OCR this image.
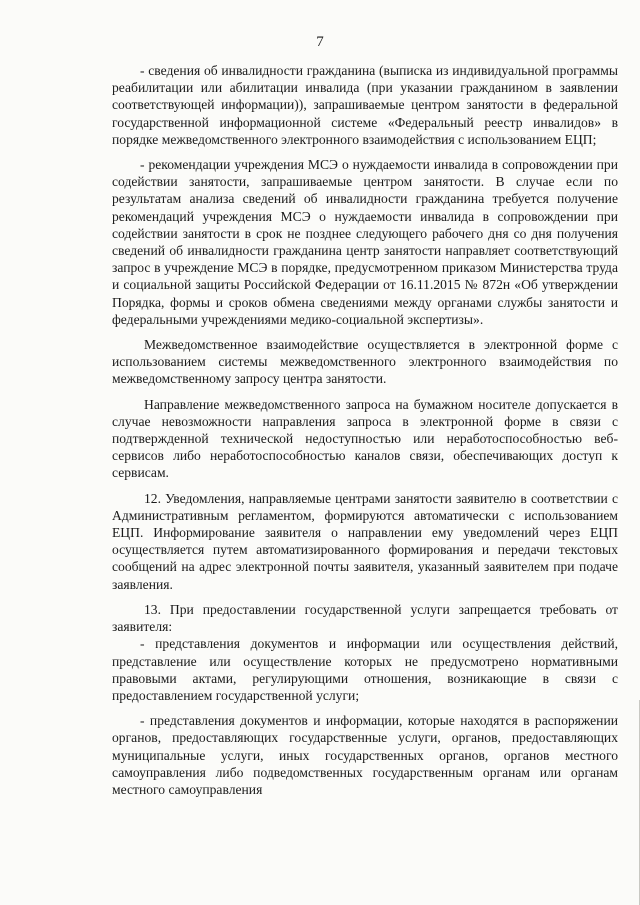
7

- сведения об инвалидности гражданина (выписка из индивидуальной программы реабилитации или абилитации инвалида (при указании гражданином в заявлении соответствующей информации)), запрашиваемые центром занятости в федеральной государственной информационной системе «Федеральный реестр инвалидов» в порядке межведомственного электронного взаимодействия с использованием ЕЦП;

- рекомендации учреждения МСЭ о нуждаемости инвалида в сопровождении при содействии занятости, запрашиваемые центром занятости. В случае если по результатам анализа сведений об инвалидности гражданина требуется получение рекомендаций учреждения МСЭ о нуждаемости инвалида в сопровождении при содействии занятости в срок не позднее следующего рабочего дня со дня получения сведений об инвалидности гражданина центр занятости направляет соответствующий запрос в учреждение МСЭ в порядке, предусмотренном приказом Министерства труда и социальной защиты Российской Федерации от 16.11.2015 № 872н «Об утверждении Порядка, формы и сроков обмена сведениями между органами службы занятости и федеральными учреждениями медико-социальной экспертизы».

Межведомственное взаимодействие осуществляется в электронной форме с использованием системы межведомственного электронного взаимодействия по межведомственному запросу центра занятости.

Направление межведомственного запроса на бумажном носителе допускается в случае невозможности направления запроса в электронной форме в связи с подтвержденной технической недоступностью или неработоспособностью веб-сервисов либо неработоспособностью каналов связи, обеспечивающих доступ к сервисам.

12. Уведомления, направляемые центрами занятости заявителю в соответствии с Административным регламентом, формируются автоматически с использованием ЕЦП. Информирование заявителя о направлении ему уведомлений через ЕЦП осуществляется путем автоматизированного формирования и передачи текстовых сообщений на адрес электронной почты заявителя, указанный заявителем при подаче заявления.

13. При предоставлении государственной услуги запрещается требовать от заявителя:

- представления документов и информации или осуществления действий, представление или осуществление которых не предусмотрено нормативными правовыми актами, регулирующими отношения, возникающие в связи с предоставлением государственной услуги;

- представления документов и информации, которые находятся в распоряжении органов, предоставляющих государственные услуги, органов, предоставляющих муниципальные услуги, иных государственных органов, органов местного самоуправления либо подведомственных государственным органам или органам местного самоуправления
